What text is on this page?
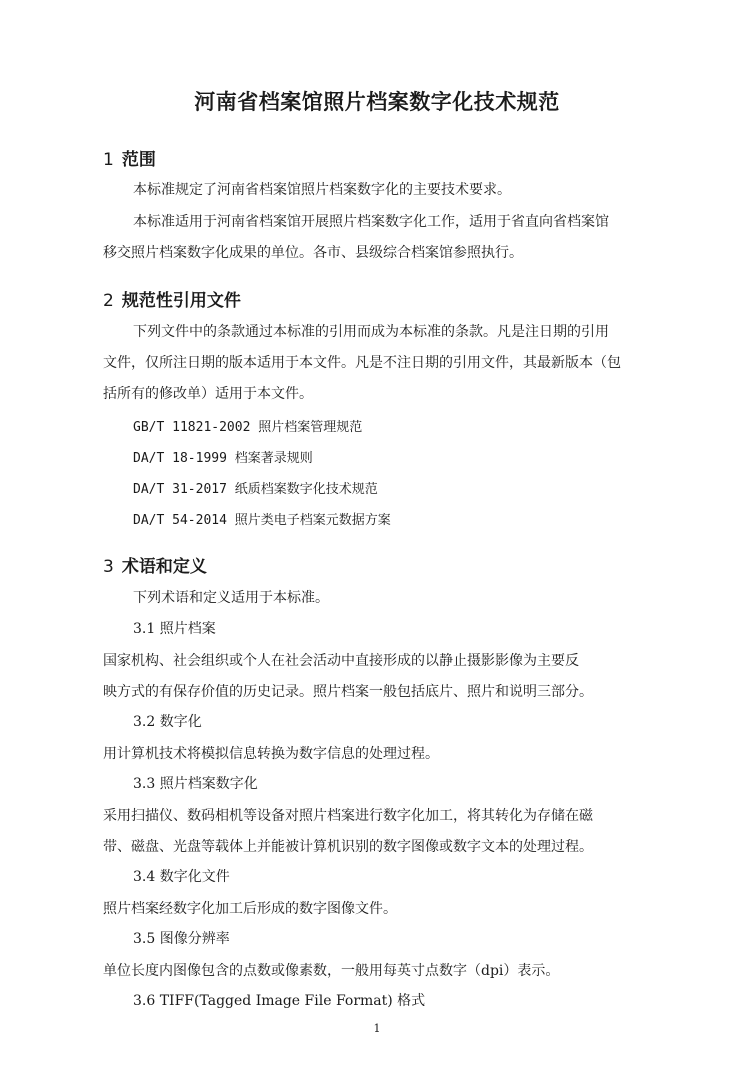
河南省档案馆照片档案数字化技术规范
1 范围
本标准规定了河南省档案馆照片档案数字化的主要技术要求。
本标准适用于河南省档案馆开展照片档案数字化工作，适用于省直向省档案馆
移交照片档案数字化成果的单位。各市、县级综合档案馆参照执行。
2 规范性引用文件
下列文件中的条款通过本标准的引用而成为本标准的条款。凡是注日期的引用
文件，仅所注日期的版本适用于本文件。凡是不注日期的引用文件，其最新版本（包
括所有的修改单）适用于本文件。
GB/T 11821-2002 照片档案管理规范
DA/T 18-1999 档案著录规则
DA/T 31-2017 纸质档案数字化技术规范
DA/T 54-2014 照片类电子档案元数据方案
3 术语和定义
下列术语和定义适用于本标准。
3.1 照片档案
国家机构、社会组织或个人在社会活动中直接形成的以静止摄影影像为主要反
映方式的有保存价值的历史记录。照片档案一般包括底片、照片和说明三部分。
3.2 数字化
用计算机技术将模拟信息转换为数字信息的处理过程。
3.3 照片档案数字化
采用扫描仪、数码相机等设备对照片档案进行数字化加工，将其转化为存储在磁
带、磁盘、光盘等载体上并能被计算机识别的数字图像或数字文本的处理过程。
3.4 数字化文件
照片档案经数字化加工后形成的数字图像文件。
3.5 图像分辨率
单位长度内图像包含的点数或像素数，一般用每英寸点数字（dpi）表示。
3.6 TIFF(Tagged Image File Format) 格式
1
